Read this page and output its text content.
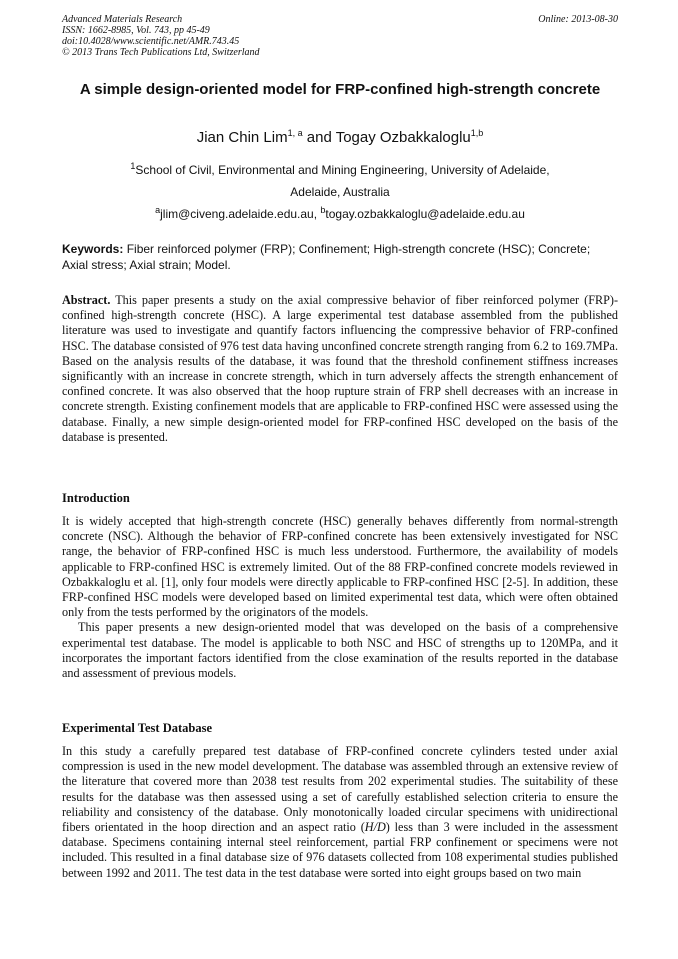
Advanced Materials Research
ISSN: 1662-8985, Vol. 743, pp 45-49
doi:10.4028/www.scientific.net/AMR.743.45
© 2013 Trans Tech Publications Ltd, Switzerland
Online: 2013-08-30
A simple design-oriented model for FRP-confined high-strength concrete
Jian Chin Lim$^{1, a}$ and Togay Ozbakkaloglu$^{1,b}$
$^1$School of Civil, Environmental and Mining Engineering, University of Adelaide,
Adelaide, Australia
$^a$jlim@civeng.adelaide.edu.au, $^b$togay.ozbakkaloglu@adelaide.edu.au
Keywords: Fiber reinforced polymer (FRP); Confinement; High-strength concrete (HSC); Concrete; Axial stress; Axial strain; Model.

Abstract. This paper presents a study on the axial compressive behavior of fiber reinforced polymer (FRP)-confined high-strength concrete (HSC). A large experimental test database assembled from the published literature was used to investigate and quantify factors influencing the compressive behavior of FRP-confined HSC. The database consisted of 976 test data having unconfined concrete strength ranging from 6.2 to 169.7MPa. Based on the analysis results of the database, it was found that the threshold confinement stiffness increases significantly with an increase in concrete strength, which in turn adversely affects the strength enhancement of confined concrete. It was also observed that the hoop rupture strain of FRP shell decreases with an increase in concrete strength. Existing confinement models that are applicable to FRP-confined HSC were assessed using the database. Finally, a new simple design-oriented model for FRP-confined HSC developed on the basis of the database is presented.

Introduction

It is widely accepted that high-strength concrete (HSC) generally behaves differently from normal-strength concrete (NSC). Although the behavior of FRP-confined concrete has been extensively investigated for NSC range, the behavior of FRP-confined HSC is much less understood. Furthermore, the availability of models applicable to FRP-confined HSC is extremely limited. Out of the 88 FRP-confined concrete models reviewed in Ozbakkaloglu et al. [1], only four models were directly applicable to FRP-confined HSC [2-5]. In addition, these FRP-confined HSC models were developed based on limited experimental test data, which were often obtained only from the tests performed by the originators of the models.

This paper presents a new design-oriented model that was developed on the basis of a comprehensive experimental test database. The model is applicable to both NSC and HSC of strengths up to 120MPa, and it incorporates the important factors identified from the close examination of the results reported in the database and assessment of previous models.

Experimental Test Database

In this study a carefully prepared test database of FRP-confined concrete cylinders tested under axial compression is used in the new model development. The database was assembled through an extensive review of the literature that covered more than 2038 test results from 202 experimental studies. The suitability of these results for the database was then assessed using a set of carefully established selection criteria to ensure the reliability and consistency of the database. Only monotonically loaded circular specimens with unidirectional fibers orientated in the hoop direction and an aspect ratio (H/D) less than 3 were included in the assessment database. Specimens containing internal steel reinforcement, partial FRP confinement or specimens were not included. This resulted in a final database size of 976 datasets collected from 108 experimental studies published between 1992 and 2011. The test data in the test database were sorted into eight groups based on two main
